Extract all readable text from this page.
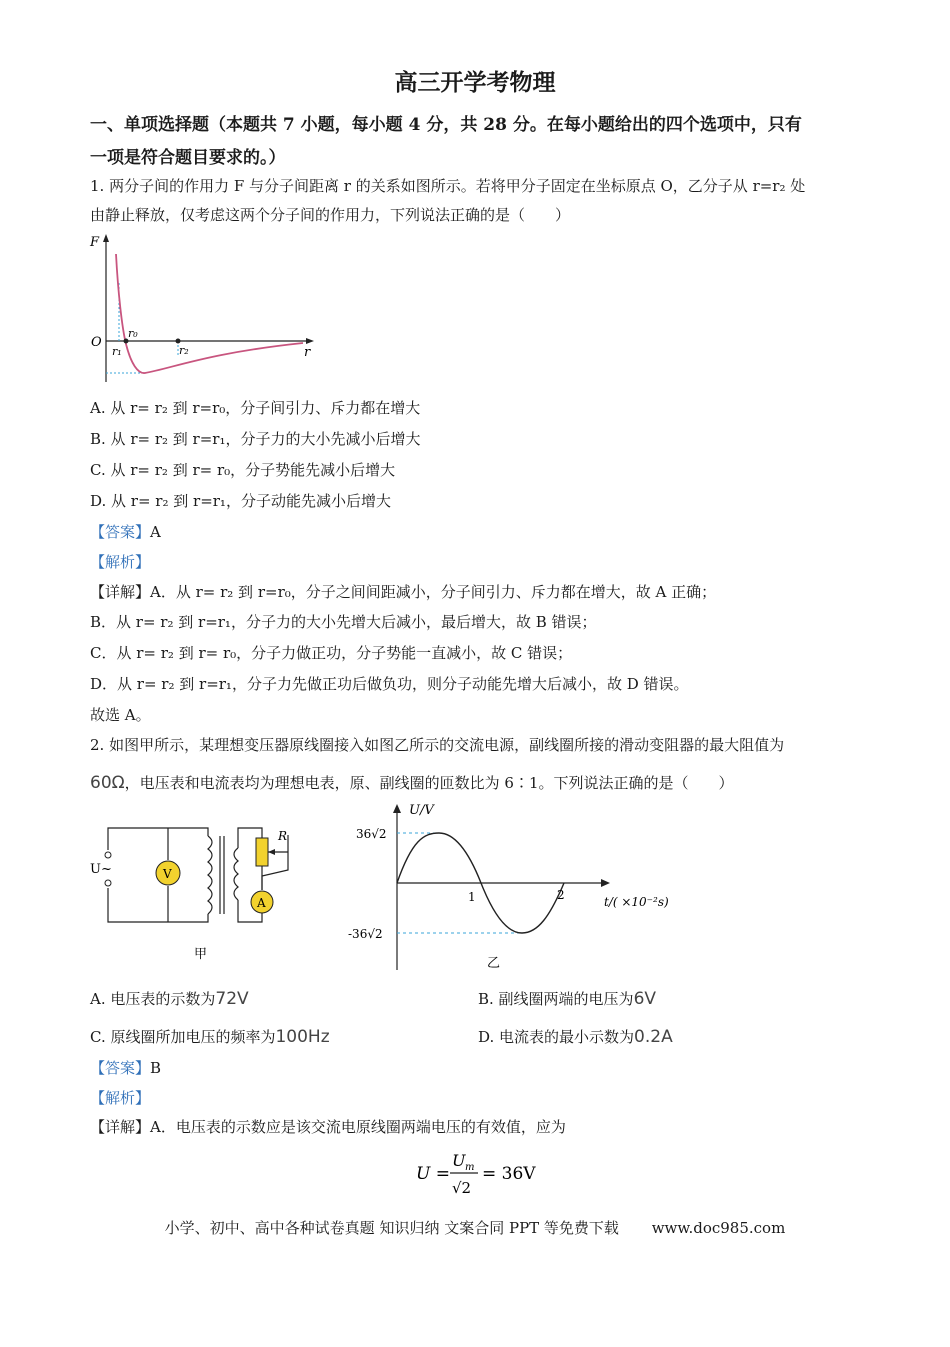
高三开学考物理
一、单项选择题（本题共 7 小题，每小题 4 分，共 28 分。在每小题给出的四个选项中，只有
一项是符合题目要求的。）
1. 两分子间的作用力 F 与分子间距离 r 的关系如图所示。若将甲分子固定在坐标原点 O，乙分子从 r=r₂ 处
由静止释放，仅考虑这两个分子间的作用力，下列说法正确的是（　　）
F
O
r
r₀
r₁	r₂
A. 从 r= r₂ 到 r=r₀，分子间引力、斥力都在增大
B. 从 r= r₂ 到 r=r₁，分子力的大小先减小后增大
C. 从 r= r₂ 到 r= r₀，分子势能先减小后增大
D. 从 r= r₂ 到 r=r₁，分子动能先减小后增大
【答案】A
【解析】
【详解】A．从 r= r₂ 到 r=r₀，分子之间间距减小，分子间引力、斥力都在增大，故 A 正确；
B．从 r= r₂ 到 r=r₁，分子力的大小先增大后减小，最后增大，故 B 错误；
C．从 r= r₂ 到 r= r₀，分子力做正功，分子势能一直减小，故 C 错误；
D．从 r= r₂ 到 r=r₁，分子力先做正功后做负功，则分子动能先增大后减小，故 D 错误。
故选 A。
2. 如图甲所示，某理想变压器原线圈接入如图乙所示的交流电源，副线圈所接的滑动变阻器的最大阻值为
60Ω，电压表和电流表均为理想电表，原、副线圈的匝数比为 6∶1。下列说法正确的是（　　）
U~	V
R
A
甲
U/V
t/( ×10⁻²s)
36√2
-36√2
1	2
乙
A. 电压表的示数为72V	B. 副线圈两端的电压为6V
C. 原线圈所加电压的频率为100Hz	D. 电流表的最小示数为0.2A
【答案】B
【解析】
【详解】A．电压表的示数应是该交流电原线圈两端电压的有效值，应为
U =
U m
√2
= 36V
小学、初中、高中各种试卷真题 知识归纳 文案合同 PPT 等免费下载 www.doc985.com
